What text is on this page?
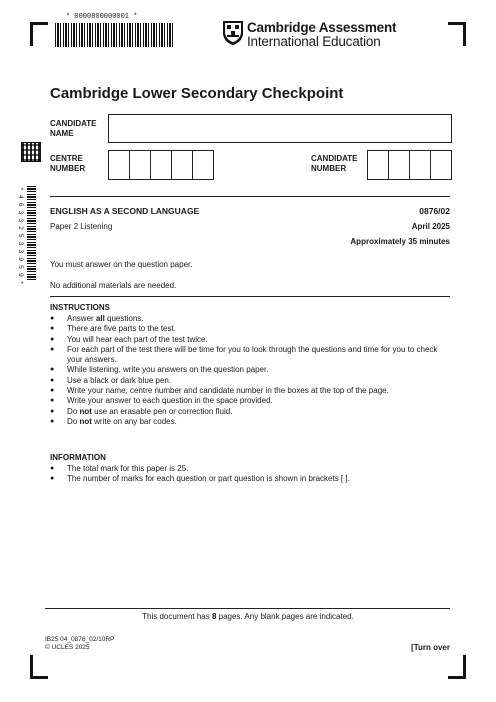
* 0000800000001 *
Cambridge Assessment
International Education
* 4 6 3 3 2 5 3 3 9 5 9 *
Cambridge Lower Secondary Checkpoint
CANDIDATE NAME
CENTRE NUMBER
CANDIDATE NUMBER
ENGLISH AS A SECOND LANGUAGE	0876/02
Paper 2 Listening	April 2025
Approximately 35 minutes
You must answer on the question paper.
No additional materials are needed.
INSTRUCTIONS
● Answer all questions.
● There are five parts to the test.
● You will hear each part of the test twice.
● For each part of the test there will be time for you to look through the questions and time for you to check your answers.
● While listening, write you answers on the question paper.
● Use a black or dark blue pen.
● Write your name, centre number and candidate number in the boxes at the top of the page.
● Write your answer to each question in the space provided.
● Do not use an erasable pen or correction fluid.
● Do not write on any bar codes.
INFORMATION
● The total mark for this paper is 25.
● The number of marks for each question or part question is shown in brackets [ ].
This document has 8 pages. Any blank pages are indicated.
IB25 04_0876_02/10RP
© UCLES 2025	[Turn over
